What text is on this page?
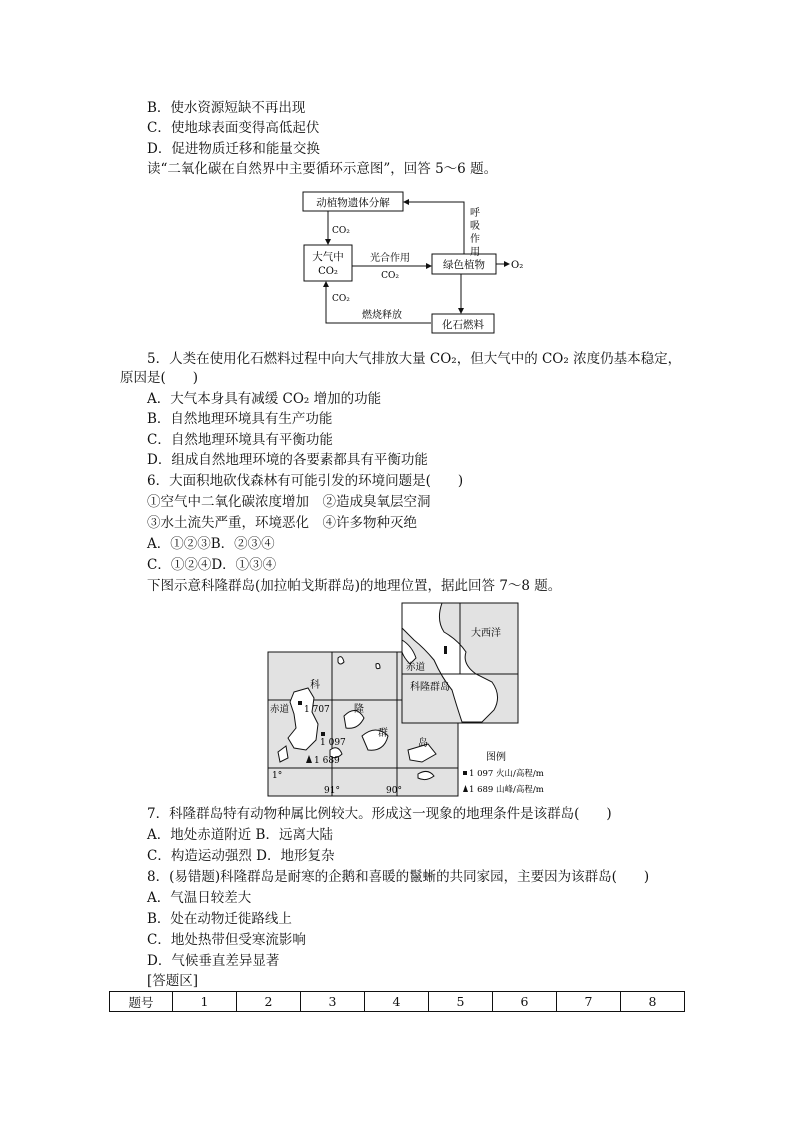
B．使水资源短缺不再出现
C．使地球表面变得高低起伏
D．促进物质迁移和能量交换
读“二氧化碳在自然界中主要循环示意图”，回答 5～6 题。
动植物遗体分解
大气中
CO₂
绿色植物
化石燃料
CO₂
光合作用
CO₂
O₂
呼
吸
作
用
燃烧释放
CO₂
5．人类在使用化石燃料过程中向大气排放大量 CO₂，但大气中的 CO₂ 浓度仍基本稳定，
原因是(　　)
A．大气本身具有减缓 CO₂ 增加的功能
B．自然地理环境具有生产功能
C．自然地理环境具有平衡功能
D．组成自然地理环境的各要素都具有平衡功能
6．大面积地砍伐森林有可能引发的环境问题是(　　)
①空气中二氧化碳浓度增加　②造成臭氧层空洞
③水土流失严重，环境恶化　④许多物种灭绝
A．①②③B．②③④
C．①②④D．①③④
下图示意科隆群岛(加拉帕戈斯群岛)的地理位置，据此回答 7～8 题。
科
隆
群
岛
赤道 1 707
1 097
1 689
1°
91°	90°
大西洋
赤道
科隆群岛
图例
1 097 火山/高程/m
1 689 山峰/高程/m
7．科隆群岛特有动物种属比例较大。形成这一现象的地理条件是该群岛(　　)
A．地处赤道附近 B．远离大陆
C．构造运动强烈 D．地形复杂
8．(易错题)科隆群岛是耐寒的企鹅和喜暖的鬣蜥的共同家园，主要因为该群岛(　　)
A．气温日较差大
B．处在动物迁徙路线上
C．地处热带但受寒流影响
D．气候垂直差异显著
[答题区]
题号	1	2	3	4	5	6	7	8
